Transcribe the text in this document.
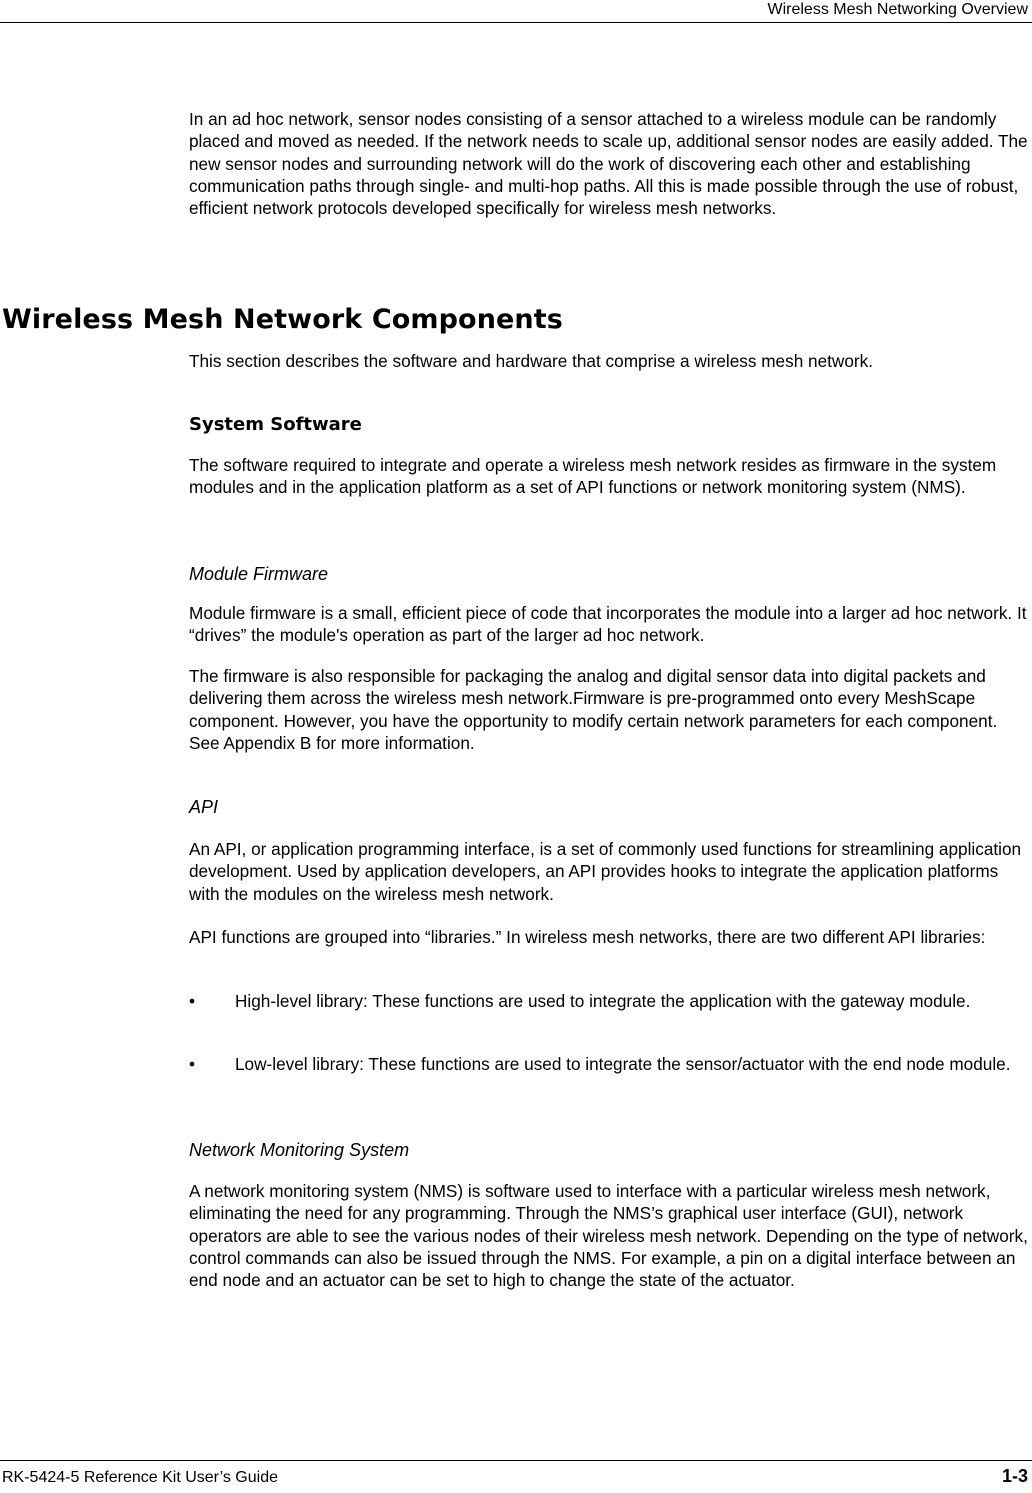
Wireless Mesh Networking Overview

In an ad hoc network, sensor nodes consisting of a sensor attached to a wireless module can be randomly placed and moved as needed. If the network needs to scale up, additional sensor nodes are easily added. The new sensor nodes and surrounding network will do the work of discovering each other and establishing communication paths through single- and multi-hop paths. All this is made possible through the use of robust, efficient network protocols developed specifically for wireless mesh networks.

Wireless Mesh Network Components
This section describes the software and hardware that comprise a wireless mesh network.
System Software
The software required to integrate and operate a wireless mesh network resides as firmware in the system modules and in the application platform as a set of API functions or network monitoring system (NMS).
Module Firmware
Module firmware is a small, efficient piece of code that incorporates the module into a larger ad hoc network. It “drives” the module's operation as part of the larger ad hoc network.
The firmware is also responsible for packaging the analog and digital sensor data into digital packets and delivering them across the wireless mesh network.Firmware is pre-programmed onto every MeshScape component. However, you have the opportunity to modify certain network parameters for each component. See Appendix B for more information.
API
An API, or application programming interface, is a set of commonly used functions for streamlining application development. Used by application developers, an API provides hooks to integrate the application platforms with the modules on the wireless mesh network.
API functions are grouped into “libraries.” In wireless mesh networks, there are two different API libraries:
• High-level library: These functions are used to integrate the application with the gateway module.
• Low-level library: These functions are used to integrate the sensor/actuator with the end node module.
Network Monitoring System
A network monitoring system (NMS) is software used to interface with a particular wireless mesh network, eliminating the need for any programming. Through the NMS’s graphical user interface (GUI), network operators are able to see the various nodes of their wireless mesh network. Depending on the type of network, control commands can also be issued through the NMS. For example, a pin on a digital interface between an end node and an actuator can be set to high to change the state of the actuator.
RK-5424-5 Reference Kit User’s Guide	1-3
